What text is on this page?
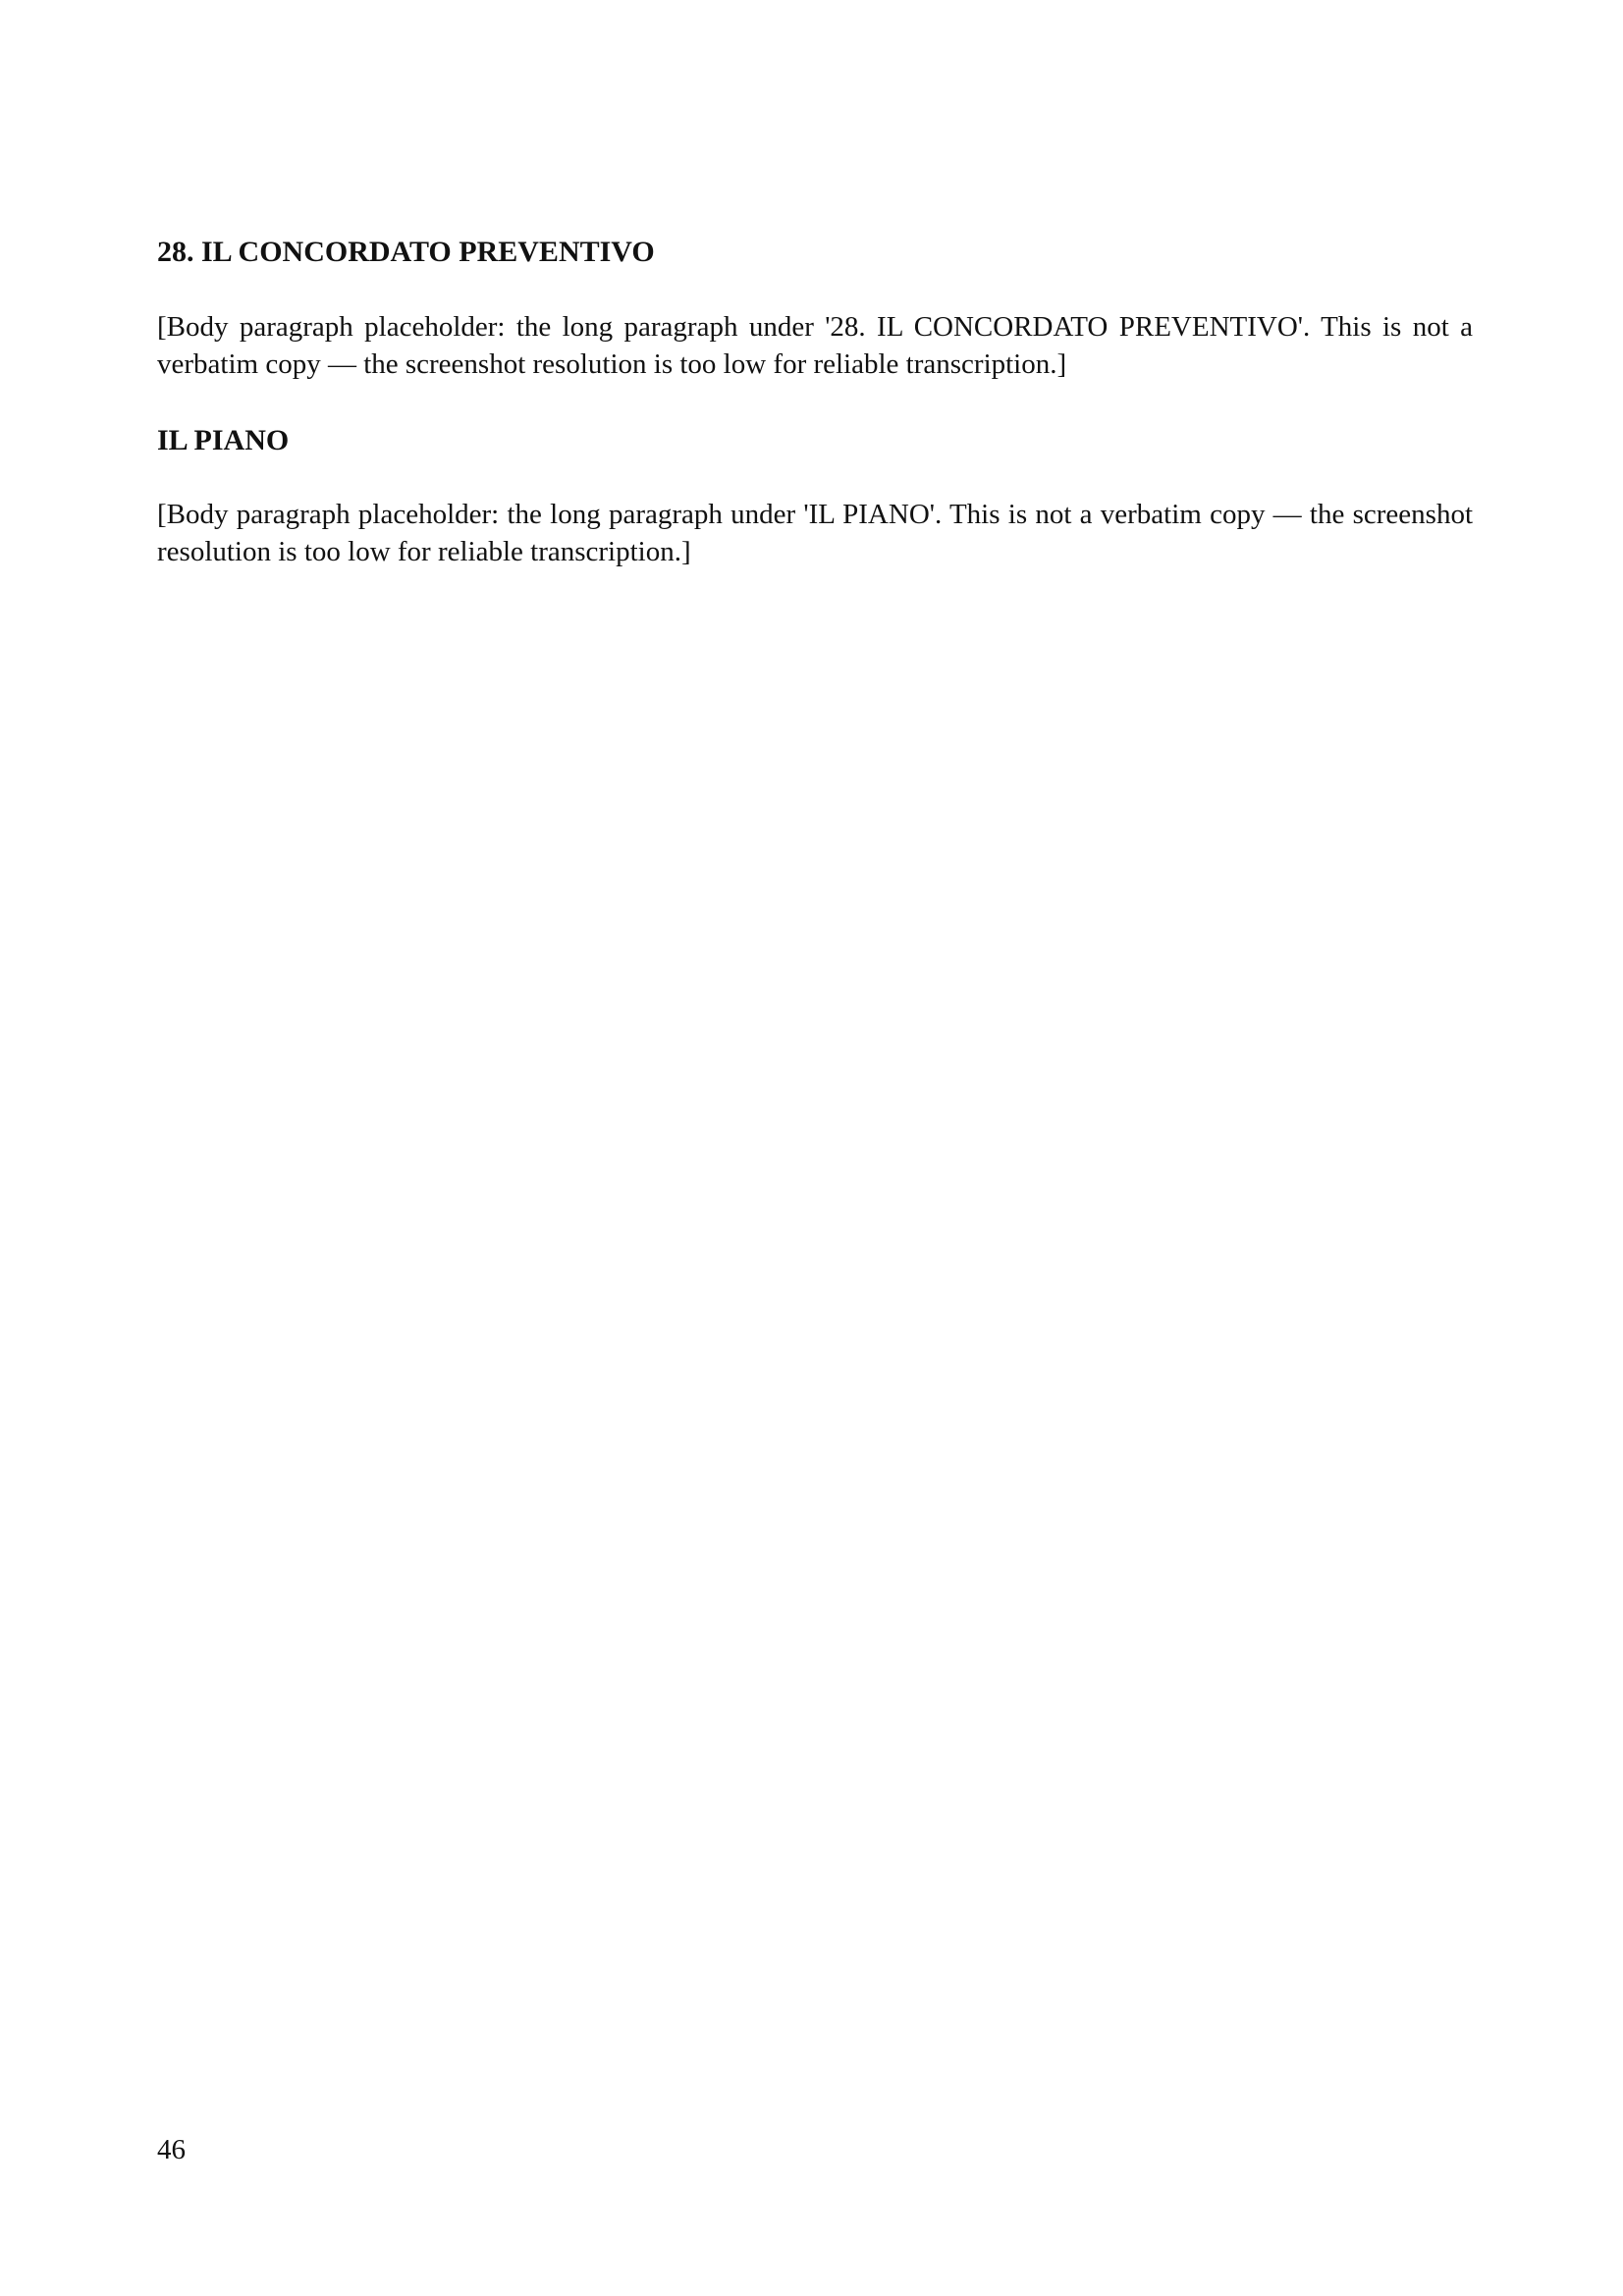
28. IL CONCORDATO PREVENTIVO

[Body paragraph placeholder: the long paragraph under '28. IL CONCORDATO PREVENTIVO'. This is not a verbatim copy — the screenshot resolution is too low for reliable transcription.]

IL PIANO

[Body paragraph placeholder: the long paragraph under 'IL PIANO'. This is not a verbatim copy — the screenshot resolution is too low for reliable transcription.]

46
